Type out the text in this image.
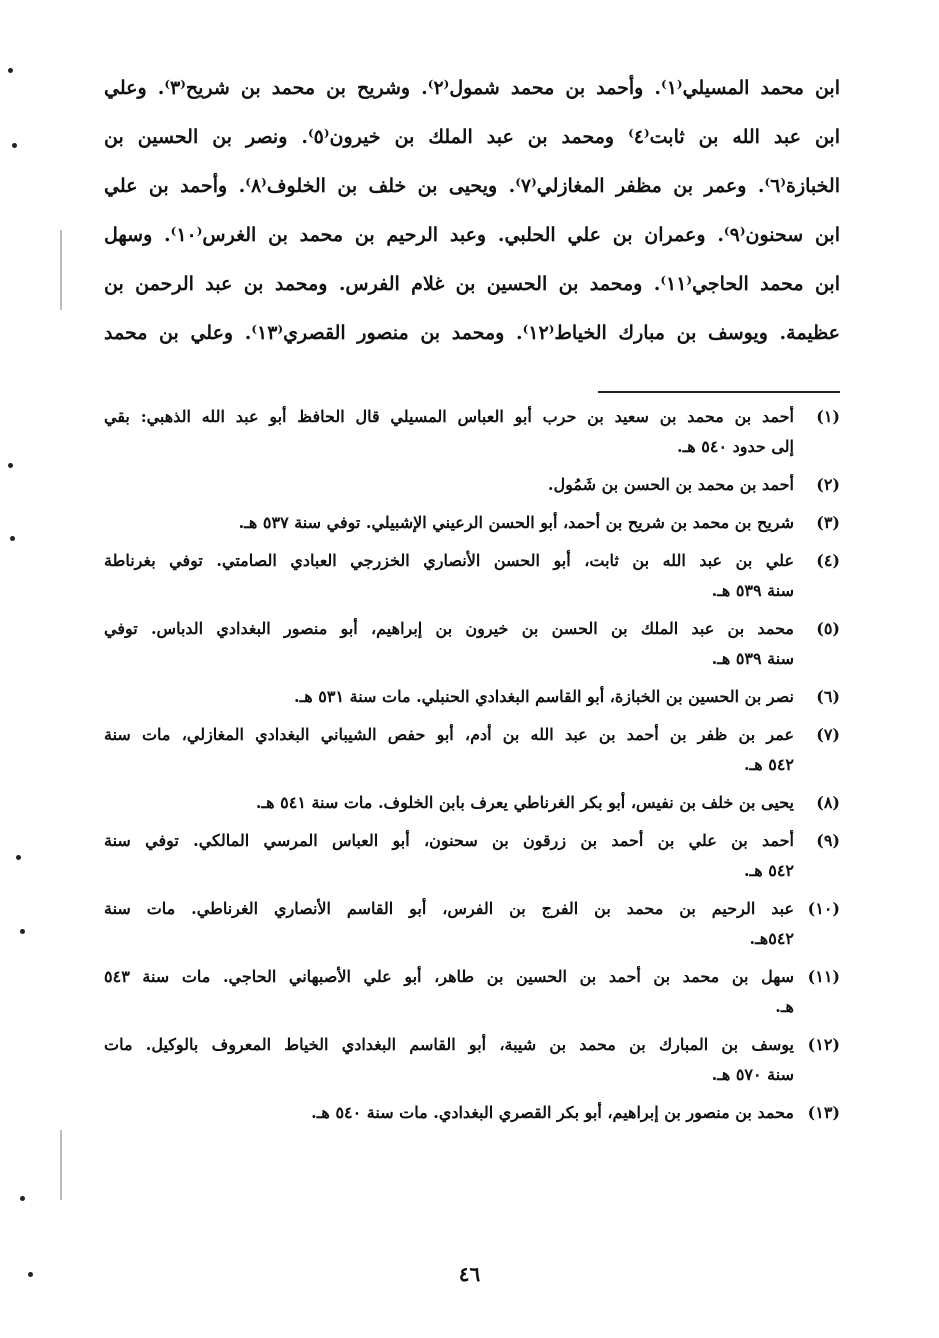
ابن محمد المسيلي⁽١⁾. وأحمد بن محمد شمول⁽٢⁾. وشريح بن محمد بن شريح⁽٣⁾. وعلي
ابن عبد الله بن ثابت⁽٤⁾ ومحمد بن عبد الملك بن خيرون⁽٥⁾. ونصر بن الحسين بن
الخبازة⁽٦⁾. وعمر بن مظفر المغازلي⁽٧⁾. ويحيى بن خلف بن الخلوف⁽٨⁾. وأحمد بن علي
ابن سحنون⁽٩⁾. وعمران بن علي الحلبي. وعبد الرحيم بن محمد بن الغرس⁽١٠⁾. وسهل
ابن محمد الحاجي⁽١١⁾. ومحمد بن الحسين بن غلام الفرس. ومحمد بن عبد الرحمن بن
عظيمة. ويوسف بن مبارك الخياط⁽١٢⁾. ومحمد بن منصور القصري⁽١٣⁾. وعلي بن محمد
(١)
أحمد بن محمد بن سعيد بن حرب أبو العباس المسيلي قال الحافظ أبو عبد الله الذهبي: بقي
إلى حدود ٥٤٠ هـ.
(٢)
أحمد بن محمد بن الحسن بن شَمُول.
(٣)
شريح بن محمد بن شريح بن أحمد، أبو الحسن الرعيني الإشبيلي. توفي سنة ٥٣٧ هـ.
(٤)
علي بن عبد الله بن ثابت، أبو الحسن الأنصاري الخزرجي العبادي الصامتي. توفي بغرناطة
سنة ٥٣٩ هـ.
(٥)
محمد بن عبد الملك بن الحسن بن خيرون بن إبراهيم، أبو منصور البغدادي الدباس. توفي
سنة ٥٣٩ هـ.
(٦)
نصر بن الحسين بن الخبازة، أبو القاسم البغدادي الحنبلي. مات سنة ٥٣١ هـ.
(٧)
عمر بن ظفر بن أحمد بن عبد الله بن أدم، أبو حفص الشيباني البغدادي المغازلي، مات سنة
٥٤٢ هـ.
(٨)
يحيى بن خلف بن نفيس، أبو بكر الغرناطي يعرف بابن الخلوف. مات سنة ٥٤١ هـ.
(٩)
أحمد بن علي بن أحمد بن زرقون بن سحنون، أبو العباس المرسي المالكي. توفي سنة
٥٤٢ هـ.
(١٠)
عبد الرحيم بن محمد بن الفرج بن الفرس، أبو القاسم الأنصاري الغرناطي. مات سنة
٥٤٢هـ.
(١١)
سهل بن محمد بن أحمد بن الحسين بن طاهر، أبو علي الأصبهاني الحاجي. مات سنة ٥٤٣
هـ.
(١٢)
يوسف بن المبارك بن محمد بن شيبة، أبو القاسم البغدادي الخياط المعروف بالوكيل. مات
سنة ٥٧٠ هـ.
(١٣)
محمد بن منصور بن إبراهيم، أبو بكر القصري البغدادي. مات سنة ٥٤٠ هـ.
٤٦
